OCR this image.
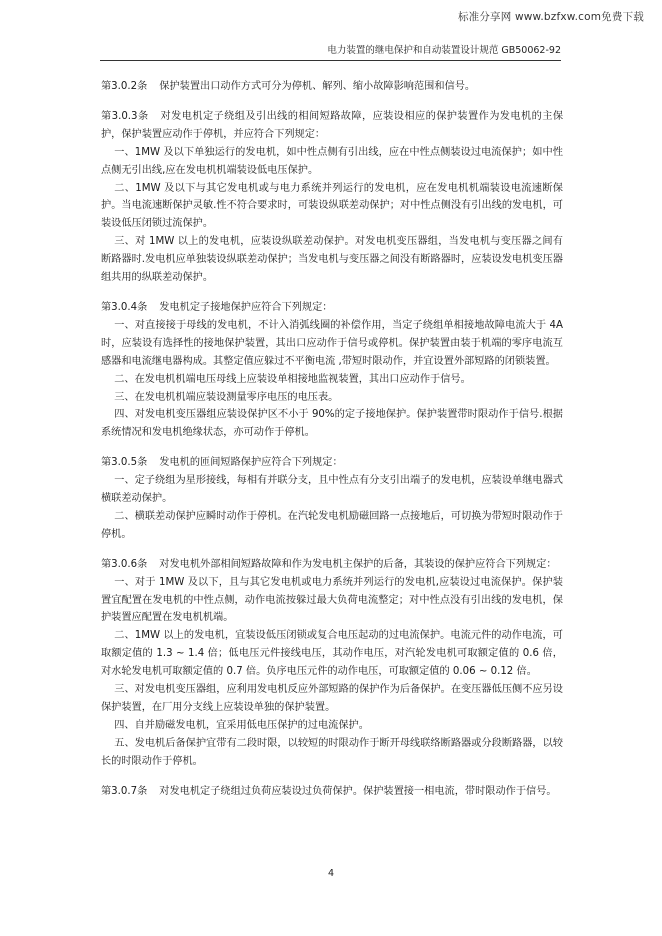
标准分享网 www.bzfxw.com免费下载
电力装置的继电保护和自动装置设计规范 GB50062-92

第3.0.2条 保护装置出口动作方式可分为停机、解列、缩小故障影响范围和信号。

第3.0.3条 对发电机定子绕组及引出线的相间短路故障，应装设相应的保护装置作为发电机的主保护，保护装置应动作于停机，并应符合下列规定：

一、1MW 及以下单独运行的发电机，如中性点侧有引出线，应在中性点侧装设过电流保护；如中性点侧无引出线,应在发电机机端装设低电压保护。

二、1MW 及以下与其它发电机或与电力系统并列运行的发电机，应在发电机机端装设电流速断保护。当电流速断保护灵敏.性不符合要求时，可装设纵联差动保护；对中性点侧没有引出线的发电机，可装设低压闭锁过流保护。

三、对 1MW 以上的发电机，应装设纵联差动保护。对发电机变压器组，当发电机与变压器之间有断路器时.发电机应单独装设纵联差动保护；当发电机与变压器之间没有断路器时，应装设发电机变压器组共用的纵联差动保护。

第3.0.4条 发电机定子接地保护应符合下列规定：

一、对直接接于母线的发电机，不计入消弧线圈的补偿作用，当定子绕组单相接地故障电流大于 4A 时，应装设有选择性的接地保护装置，其出口应动作于信号或停机。保护装置由装于机端的零序电流互感器和电流继电器构成。其整定值应躲过不平衡电流 ,带短时限动作，并宜设置外部短路的闭锁装置。

二、在发电机机端电压母线上应装设单相接地监视装置，其出口应动作于信号。

三、在发电机机端应装设测量零序电压的电压表。

四、对发电机变压器组应装设保护区不小于 90%的定子接地保护。保护装置带时限动作于信号.根据系统情况和发电机绝缘状态，亦可动作于停机。

第3.0.5条 发电机的匝间短路保护应符合下列规定：

一、定子绕组为星形接线，每相有并联分支，且中性点有分支引出端子的发电机，应装设单继电器式横联差动保护。

二、横联差动保护应瞬时动作于停机。在汽轮发电机励磁回路一点接地后，可切换为带短时限动作于停机。

第3.0.6条 对发电机外部相间短路故障和作为发电机主保护的后备，其装设的保护应符合下列规定：

一、对于 1MW 及以下，且与其它发电机或电力系统并列运行的发电机,应装设过电流保护。保护装置宜配置在发电机的中性点侧，动作电流按躲过最大负荷电流整定；对中性点没有引出线的发电机，保护装置应配置在发电机机端。

二、1MW 以上的发电机，宜装设低压闭锁或复合电压起动的过电流保护。电流元件的动作电流，可取额定值的 1.3 ~ 1.4 倍；低电压元件接线电压，其动作电压，对汽轮发电机可取额定值的 0.6 倍，对水轮发电机可取额定值的 0.7 倍。负序电压元件的动作电压，可取额定值的 0.06 ~ 0.12 倍。

三、对发电机变压器组，应利用发电机反应外部短路的保护作为后备保护。在变压器低压侧不应另设保护装置，在厂用分支线上应装设单独的保护装置。

四、自并励磁发电机，宜采用低电压保护的过电流保护。

五、发电机后备保护宜带有二段时限，以较短的时限动作于断开母线联络断路器或分段断路器，以较长的时限动作于停机。

第3.0.7条 对发电机定子绕组过负荷应装设过负荷保护。保护装置接一相电流，带时限动作于信号。

4
